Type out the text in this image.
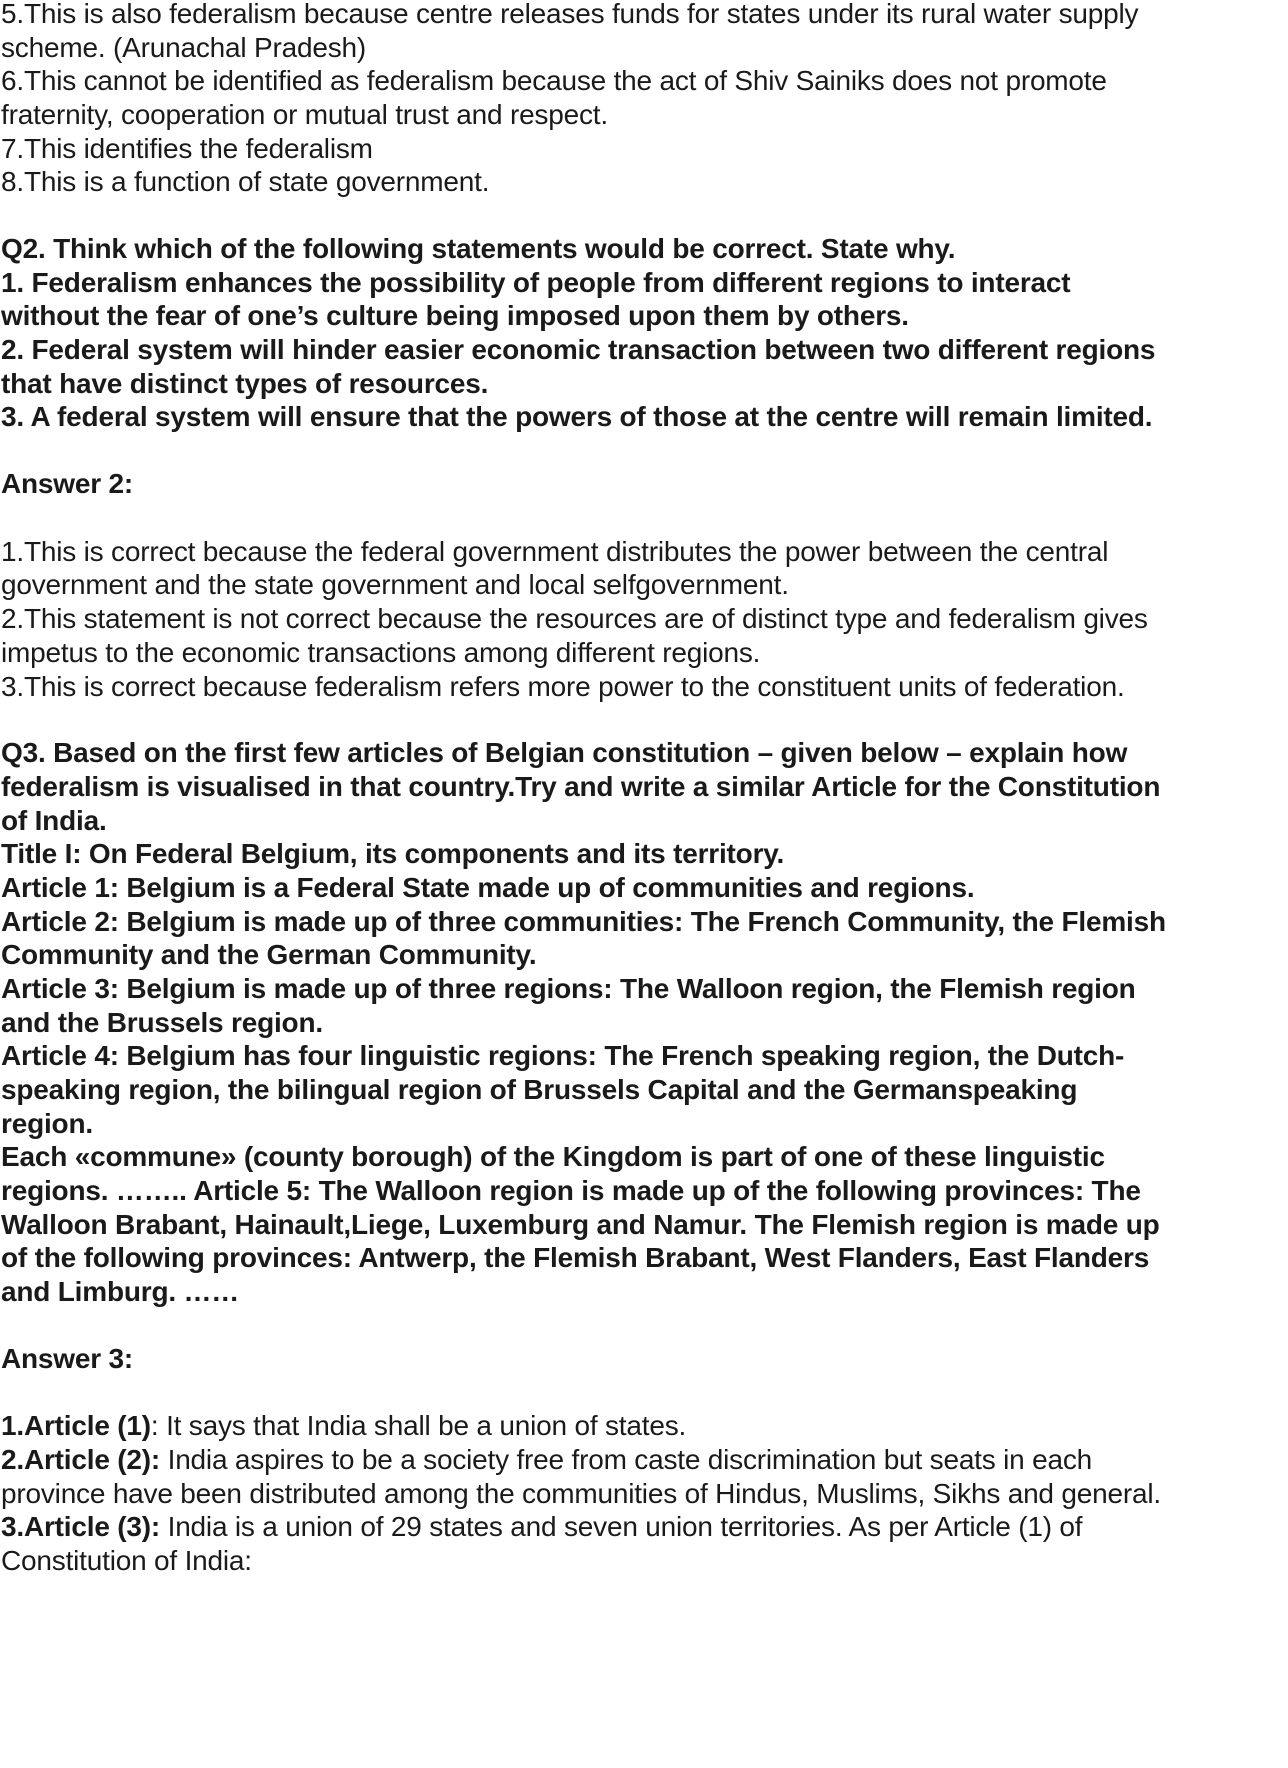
5.This is also federalism because centre releases funds for states under its rural water supply
scheme. (Arunachal Pradesh)
6.This cannot be identified as federalism because the act of Shiv Sainiks does not promote
fraternity, cooperation or mutual trust and respect.
7.This identifies the federalism
8.This is a function of state government.
Q2. Think which of the following statements would be correct. State why.
1. Federalism enhances the possibility of people from different regions to interact
without the fear of one’s culture being imposed upon them by others.
2. Federal system will hinder easier economic transaction between two different regions
that have distinct types of resources.
3. A federal system will ensure that the powers of those at the centre will remain limited.
Answer 2:
1.This is correct because the federal government distributes the power between the central
government and the state government and local selfgovernment.
2.This statement is not correct because the resources are of distinct type and federalism gives
impetus to the economic transactions among different regions.
3.This is correct because federalism refers more power to the constituent units of federation.
Q3. Based on the first few articles of Belgian constitution – given below – explain how
federalism is visualised in that country.Try and write a similar Article for the Constitution
of India.
Title I: On Federal Belgium, its components and its territory.
Article 1: Belgium is a Federal State made up of communities and regions.
Article 2: Belgium is made up of three communities: The French Community, the Flemish
Community and the German Community.
Article 3: Belgium is made up of three regions: The Walloon region, the Flemish region
and the Brussels region.
Article 4: Belgium has four linguistic regions: The French speaking region, the Dutch-
speaking region, the bilingual region of Brussels Capital and the Germanspeaking
region.
Each «commune» (county borough) of the Kingdom is part of one of these linguistic
regions. …….. Article 5: The Walloon region is made up of the following provinces: The
Walloon Brabant, Hainault,Liege, Luxemburg and Namur. The Flemish region is made up
of the following provinces: Antwerp, the Flemish Brabant, West Flanders, East Flanders
and Limburg. ……
Answer 3:
1.Article (1): It says that India shall be a union of states.
2.Article (2): India aspires to be a society free from caste discrimination but seats in each
province have been distributed among the communities of Hindus, Muslims, Sikhs and general.
3.Article (3): India is a union of 29 states and seven union territories. As per Article (1) of
Constitution of India:
